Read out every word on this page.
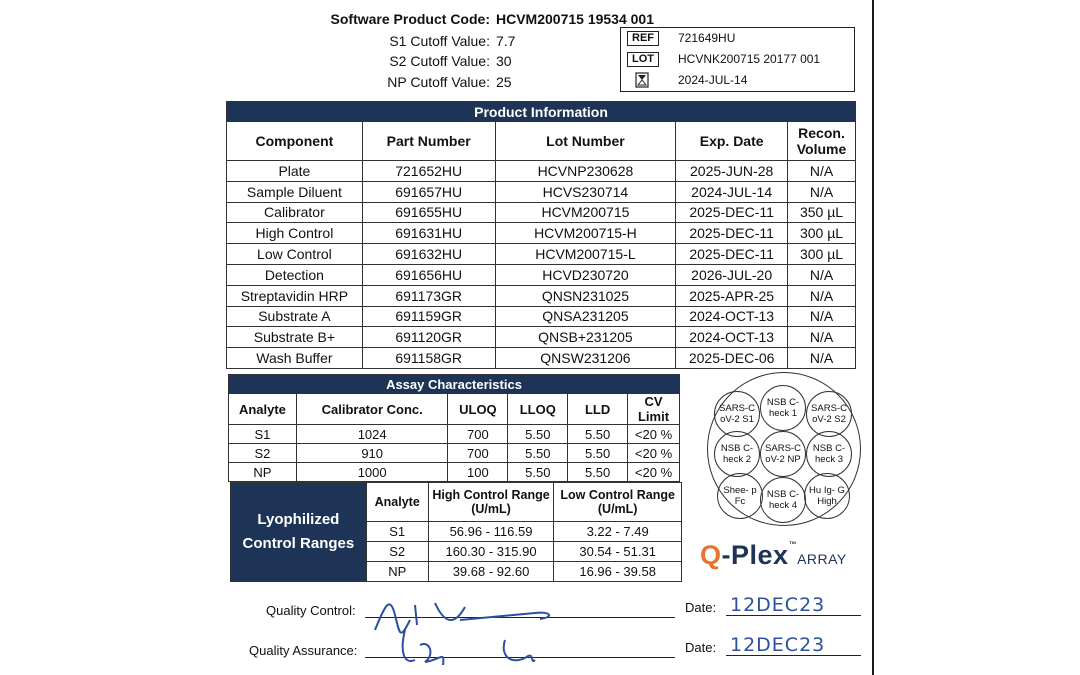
Software Product Code: HCVM200715 19534 001
S1 Cutoff Value: 7.7
S2 Cutoff Value: 30
NP Cutoff Value: 25
REF	721649HU
LOT	HCVNK200715 20177 001
2024-JUL-14
Product Information				
Component	Part Number	Lot Number	Exp. Date	Recon. Volume
Plate	721652HU	HCVNP230628	2025-JUN-28	N/A
Sample Diluent	691657HU	HCVS230714	2024-JUL-14	N/A
Calibrator	691655HU	HCVM200715	2025-DEC-11	350 µL
High Control	691631HU	HCVM200715-H	2025-DEC-11	300 µL
Low Control	691632HU	HCVM200715-L	2025-DEC-11	300 µL
Detection	691656HU	HCVD230720	2026-JUL-20	N/A
Streptavidin HRP	691173GR	QNSN231025	2025-APR-25	N/A
Substrate A	691159GR	QNSA231205	2024-OCT-13	N/A
Substrate B+	691120GR	QNSB+231205	2024-OCT-13	N/A
Wash Buffer	691158GR	QNSW231206	2025-DEC-06	N/A
Assay Characteristics					
Analyte	Calibrator Conc.	ULOQ	LLOQ	LLD	CV Limit
S1	1024	700	5.50	5.50	<20 %
S2	910	700	5.50	5.50	<20 %
NP	1000	100	5.50	5.50	<20 %
Lyophilized
Control Ranges	Analyte	High Control Range (U/mL)	Low Control Range (U/mL)

	S1	56.96 - 116.59	3.22 - 7.49
	S2	160.30 - 315.90	30.54 - 51.31
	NP	39.68 - 92.60	16.96 - 39.58
SARS-C oV-2 S1
NSB C- heck 1	SARS-C oV-2 S2
NSB C- heck 2
SARS-C oV-2 NP
NSB C- heck 3
Shee- p Fc
NSB C- heck 4
Hu Ig- G High
Q-Plex™ARRAY
Quality Control:	Date: 12DEC23
Quality Assurance:	Date: 12DEC23
